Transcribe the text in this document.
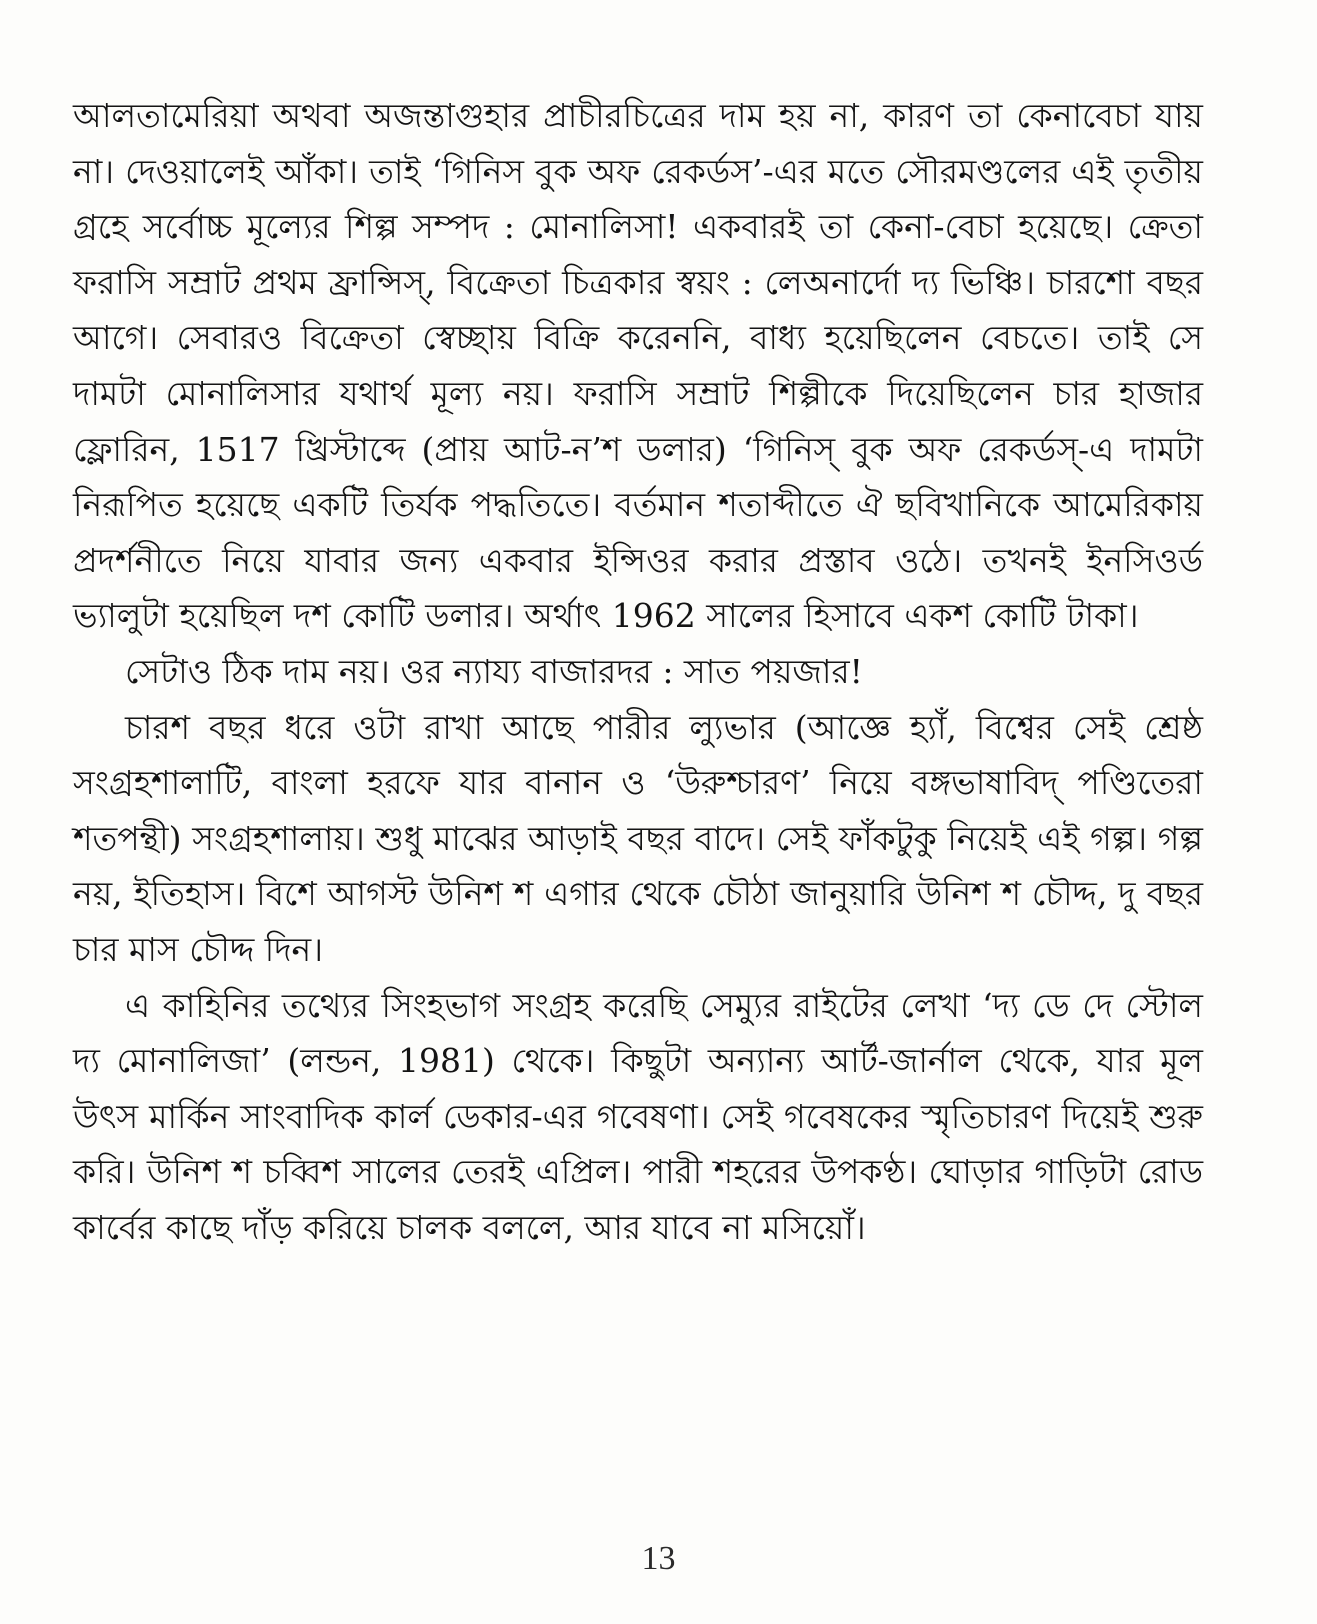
আলতামেরিয়া অথবা অজন্তাগুহার প্রাচীরচিত্রের দাম হয় না, কারণ তা কেনাবেচা যায় না। দেওয়ালেই আঁকা। তাই ‘গিনিস বুক অফ রেকর্ডস’-এর মতে সৌরমণ্ডলের এই তৃতীয় গ্রহে সর্বোচ্চ মূল্যের শিল্প সম্পদ : মোনালিসা! একবারই তা কেনা-বেচা হয়েছে। ক্রেতা ফরাসি সম্রাট প্রথম ফ্রান্সিস্, বিক্রেতা চিত্রকার স্বয়ং : লেঅনার্দো দ্য ভিঞ্চি। চারশো বছর আগে। সেবারও বিক্রেতা স্বেচ্ছায় বিক্রি করেননি, বাধ্য হয়েছিলেন বেচতে। তাই সে দামটা মোনালিসার যথার্থ মূল্য নয়। ফরাসি সম্রাট শিল্পীকে দিয়েছিলেন চার হাজার ফ্লোরিন, 1517 খ্রিস্টাব্দে (প্রায় আট-ন’শ ডলার) ‘গিনিস্ বুক অফ রেকর্ডস্-এ দামটা নিরূপিত হয়েছে একটি তির্যক পদ্ধতিতে। বর্তমান শতাব্দীতে ঐ ছবিখানিকে আমেরিকায় প্রদর্শনীতে নিয়ে যাবার জন্য একবার ইন্সিওর করার প্রস্তাব ওঠে। তখনই ইনসিওর্ড ভ্যালুটা হয়েছিল দশ কোটি ডলার। অর্থাৎ 1962 সালের হিসাবে একশ কোটি টাকা।

সেটাও ঠিক দাম নয়। ওর ন্যায্য বাজারদর : সাত পয়জার!

চারশ বছর ধরে ওটা রাখা আছে পারীর ল্যুভার (আজ্ঞে হ্যাঁ, বিশ্বের সেই শ্রেষ্ঠ সংগ্রহশালাটি, বাংলা হরফে যার বানান ও ‘উরুশ্চারণ’ নিয়ে বঙ্গভাষাবিদ্ পণ্ডিতেরা শতপন্থী) সংগ্রহশালায়। শুধু মাঝের আড়াই বছর বাদে। সেই ফাঁকটুকু নিয়েই এই গল্প। গল্প নয়, ইতিহাস। বিশে আগস্ট উনিশ শ এগার থেকে চৌঠা জানুয়ারি উনিশ শ চৌদ্দ, দু বছর চার মাস চৌদ্দ দিন।

এ কাহিনির তথ্যের সিংহভাগ সংগ্রহ করেছি সেম্যুর রাইটের লেখা ‘দ্য ডে দে স্টোল দ্য মোনালিজা’ (লন্ডন, 1981) থেকে। কিছুটা অন্যান্য আর্ট-জার্নাল থেকে, যার মূল উৎস মার্কিন সাংবাদিক কার্ল ডেকার-এর গবেষণা। সেই গবেষকের স্মৃতিচারণ দিয়েই শুরু করি। উনিশ শ চব্বিশ সালের তেরই এপ্রিল। পারী শহরের উপকণ্ঠ। ঘোড়ার গাড়িটা রোড কার্বের কাছে দাঁড় করিয়ে চালক বললে, আর যাবে না মসিয়োঁ।

13
